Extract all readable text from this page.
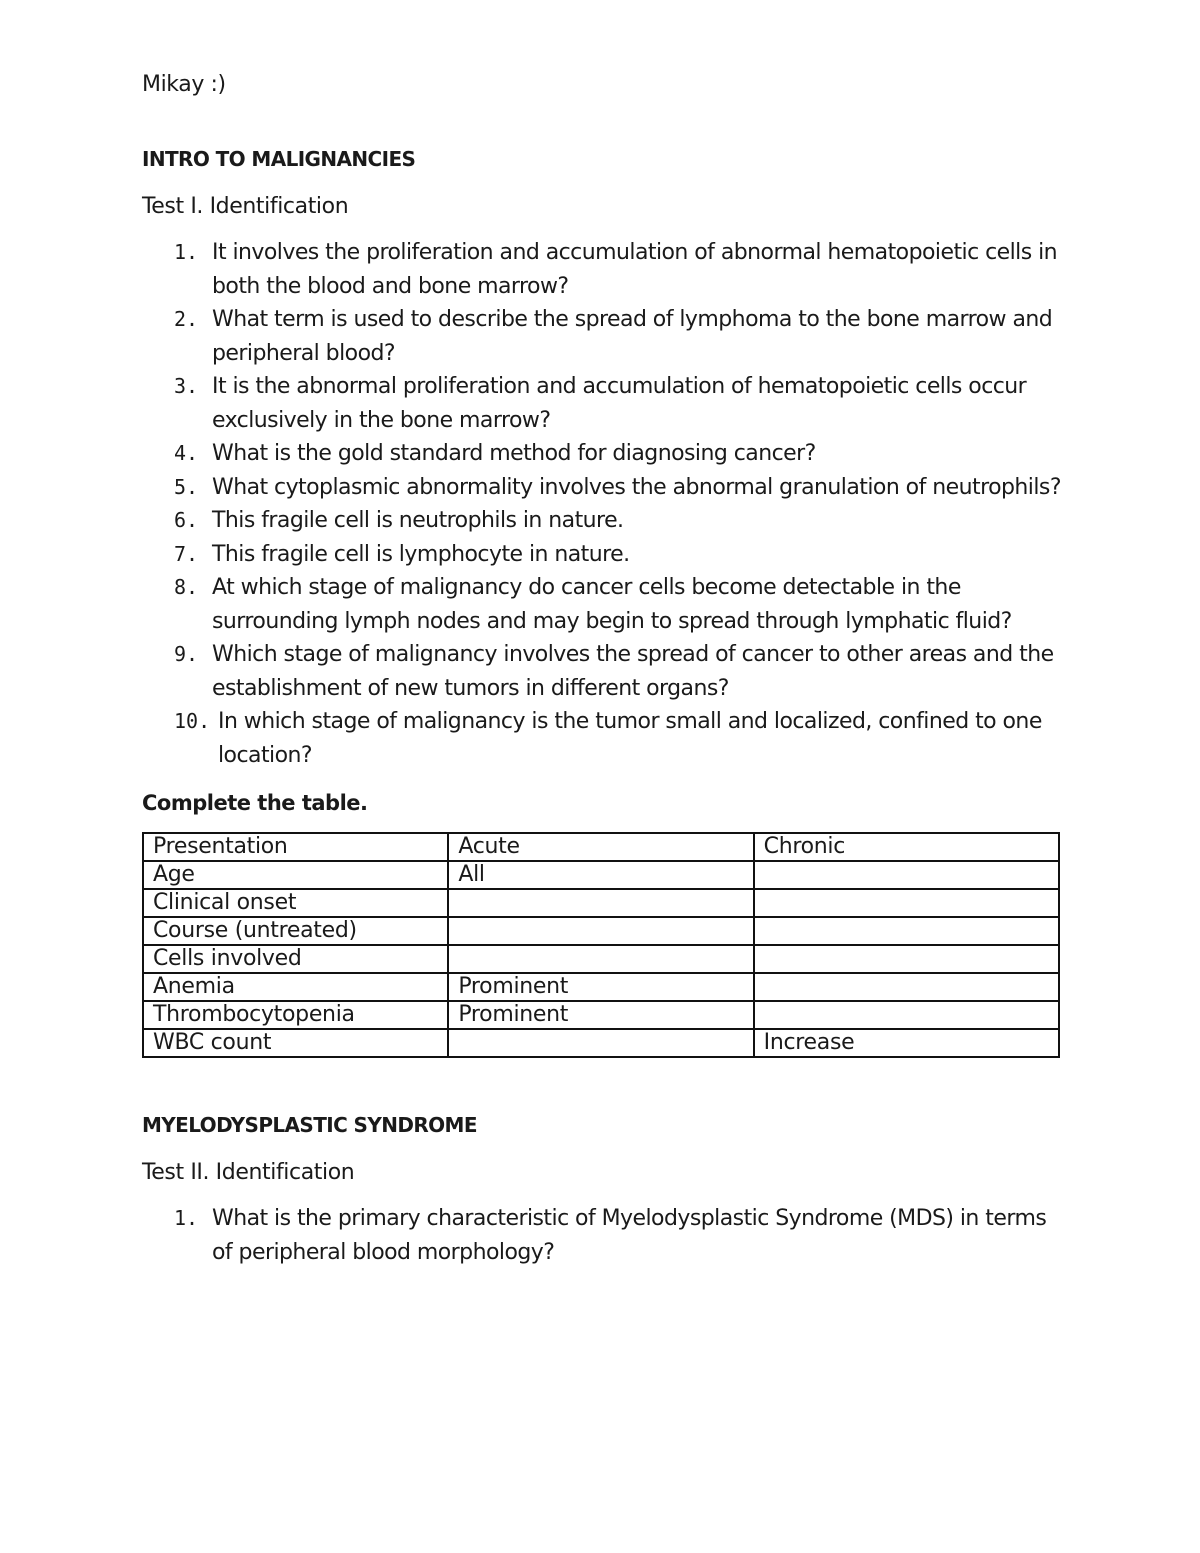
Mikay :)
INTRO TO MALIGNANCIES
Test I. Identification
1. It involves the proliferation and accumulation of abnormal hematopoietic cells in both the blood and bone marrow?
2. What term is used to describe the spread of lymphoma to the bone marrow and peripheral blood?
3. It is the abnormal proliferation and accumulation of hematopoietic cells occur exclusively in the bone marrow?
4. What is the gold standard method for diagnosing cancer?
5. What cytoplasmic abnormality involves the abnormal granulation of neutrophils?
6. This fragile cell is neutrophils in nature.
7. This fragile cell is lymphocyte in nature.
8. At which stage of malignancy do cancer cells become detectable in the surrounding lymph nodes and may begin to spread through lymphatic fluid?
9. Which stage of malignancy involves the spread of cancer to other areas and the establishment of new tumors in different organs?
10. In which stage of malignancy is the tumor small and localized, confined to one location?
Complete the table.
Presentation	Acute	Chronic
Age	All	
Clinical onset		
Course (untreated)		
Cells involved		
Anemia	Prominent	
Thrombocytopenia	Prominent	
WBC count		Increase
MYELODYSPLASTIC SYNDROME
Test II. Identification
1. What is the primary characteristic of Myelodysplastic Syndrome (MDS) in terms of peripheral blood morphology?
